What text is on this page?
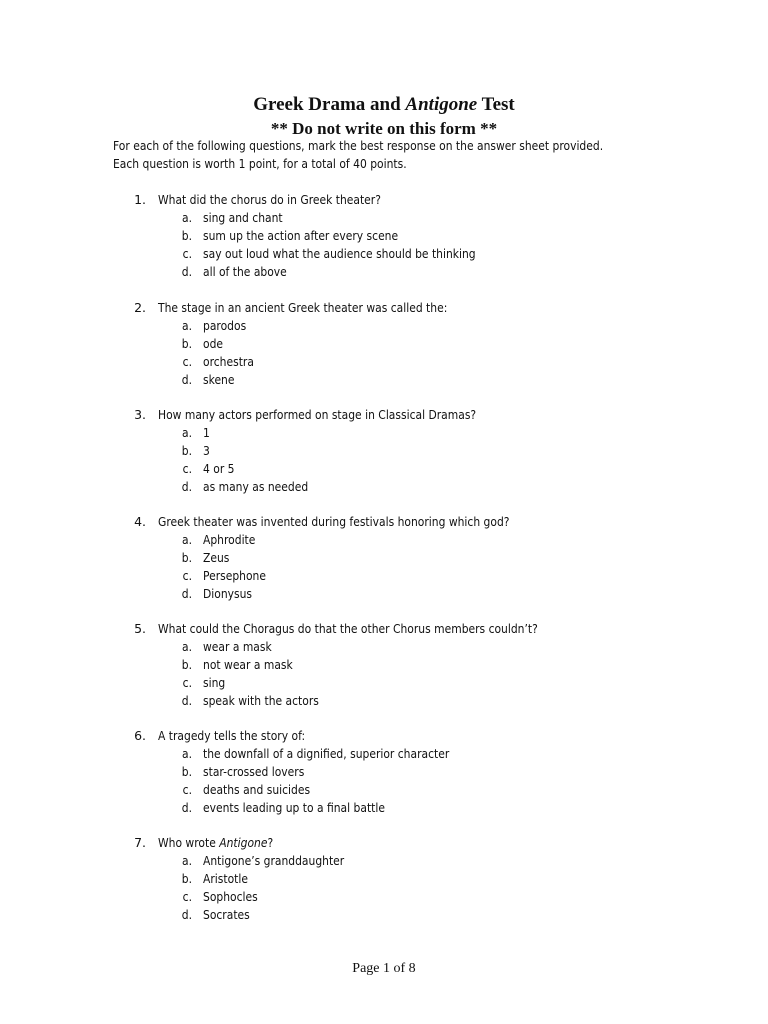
Greek Drama and Antigone Test
** Do not write on this form **
For each of the following questions, mark the best response on the answer sheet provided.
Each question is worth 1 point, for a total of 40 points.
1. What did the chorus do in Greek theater?
a. sing and chant
b. sum up the action after every scene
c. say out loud what the audience should be thinking
d. all of the above
2. The stage in an ancient Greek theater was called the:
a. parodos
b. ode
c. orchestra
d. skene
3. How many actors performed on stage in Classical Dramas?
a. 1
b. 3
c. 4 or 5
d. as many as needed
4. Greek theater was invented during festivals honoring which god?
a. Aphrodite
b. Zeus
c. Persephone
d. Dionysus
5. What could the Choragus do that the other Chorus members couldn’t?
a. wear a mask
b. not wear a mask
c. sing
d. speak with the actors
6. A tragedy tells the story of:
a. the downfall of a dignified, superior character
b. star-crossed lovers
c. deaths and suicides
d. events leading up to a final battle
7. Who wrote Antigone?
a. Antigone’s granddaughter
b. Aristotle
c. Sophocles
d. Socrates
Page 1 of 8
